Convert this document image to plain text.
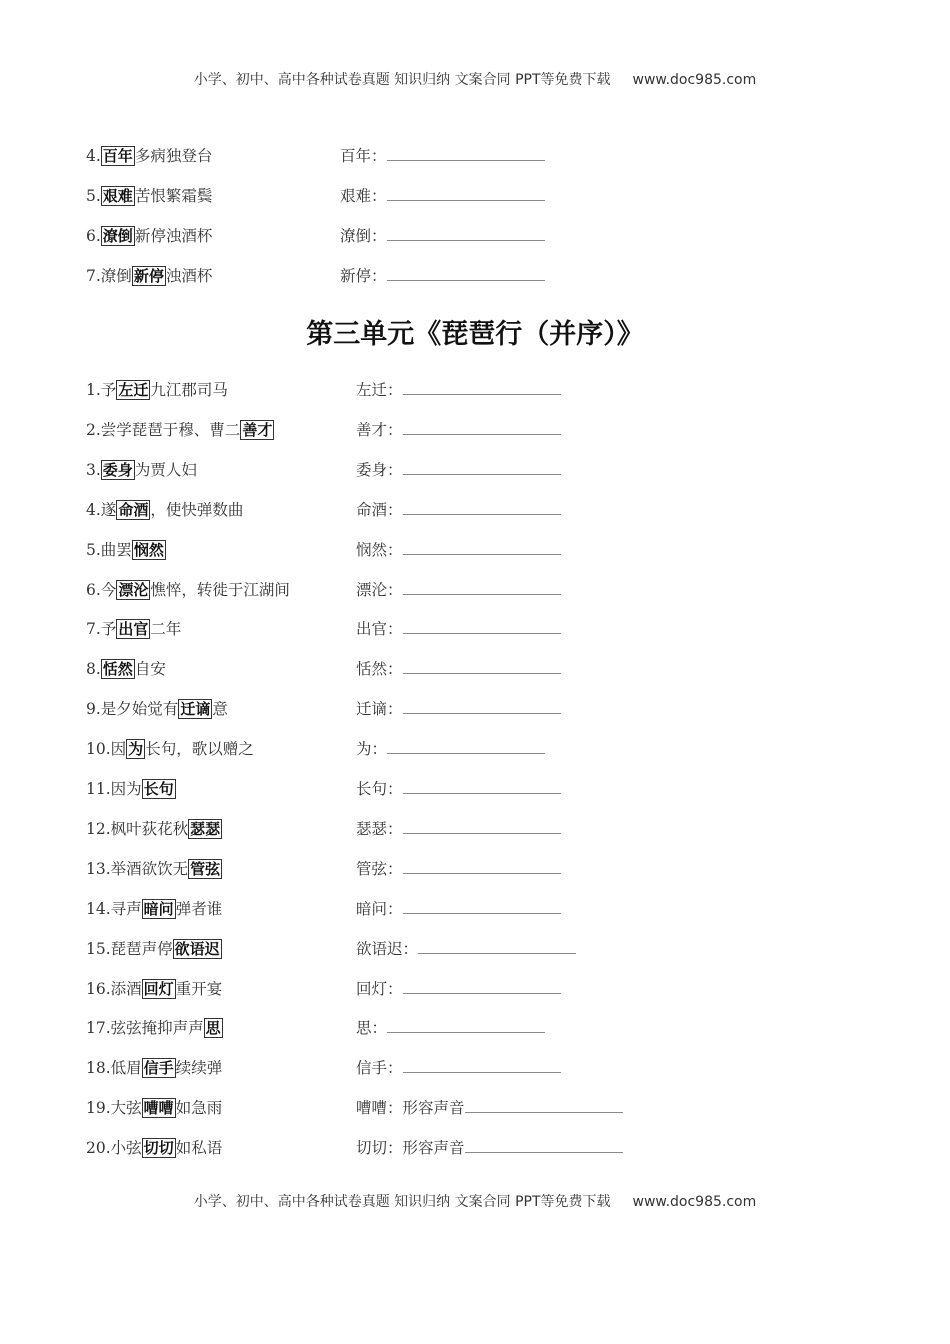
小学、初中、高中各种试卷真题 知识归纳 文案合同 PPT等免费下载 www.doc985.com
4. 百年 多病独登台	百年：
5. 艰难 苦恨繁霜鬓	艰难：
6. 潦倒 新停浊酒杯	潦倒：
7.潦倒 新停 浊酒杯	新停：
第三单元《琵琶行（并序）》
1.予 左迁 九江郡司马	左迁：
2.尝学琵琶于穆、曹二 善才	善才：
3. 委身 为贾人妇	委身：
4.遂 命酒 ，使快弹数曲	命酒：
5.曲罢 悯然	悯然：
6.今 漂沦 憔悴，转徙于江湖间	漂沦：
7.予 出官 二年	出官：
8. 恬然 自安	恬然：
9.是夕始觉有 迁谪 意	迁谪：
10.因 为 长句，歌以赠之	为：
11.因为 长句	长句：
12.枫叶荻花秋 瑟瑟	瑟瑟：
13.举酒欲饮无 管弦	管弦：
14.寻声 暗问 弹者谁	暗问：
15.琵琶声停 欲语迟	欲语迟：
16.添酒 回灯 重开宴	回灯：
17.弦弦掩抑声声 思	思：
18.低眉 信手 续续弹	信手：
19.大弦 嘈嘈 如急雨	嘈嘈：形容声音
20.小弦 切切 如私语	切切：形容声音
小学、初中、高中各种试卷真题 知识归纳 文案合同 PPT等免费下载 www.doc985.com
